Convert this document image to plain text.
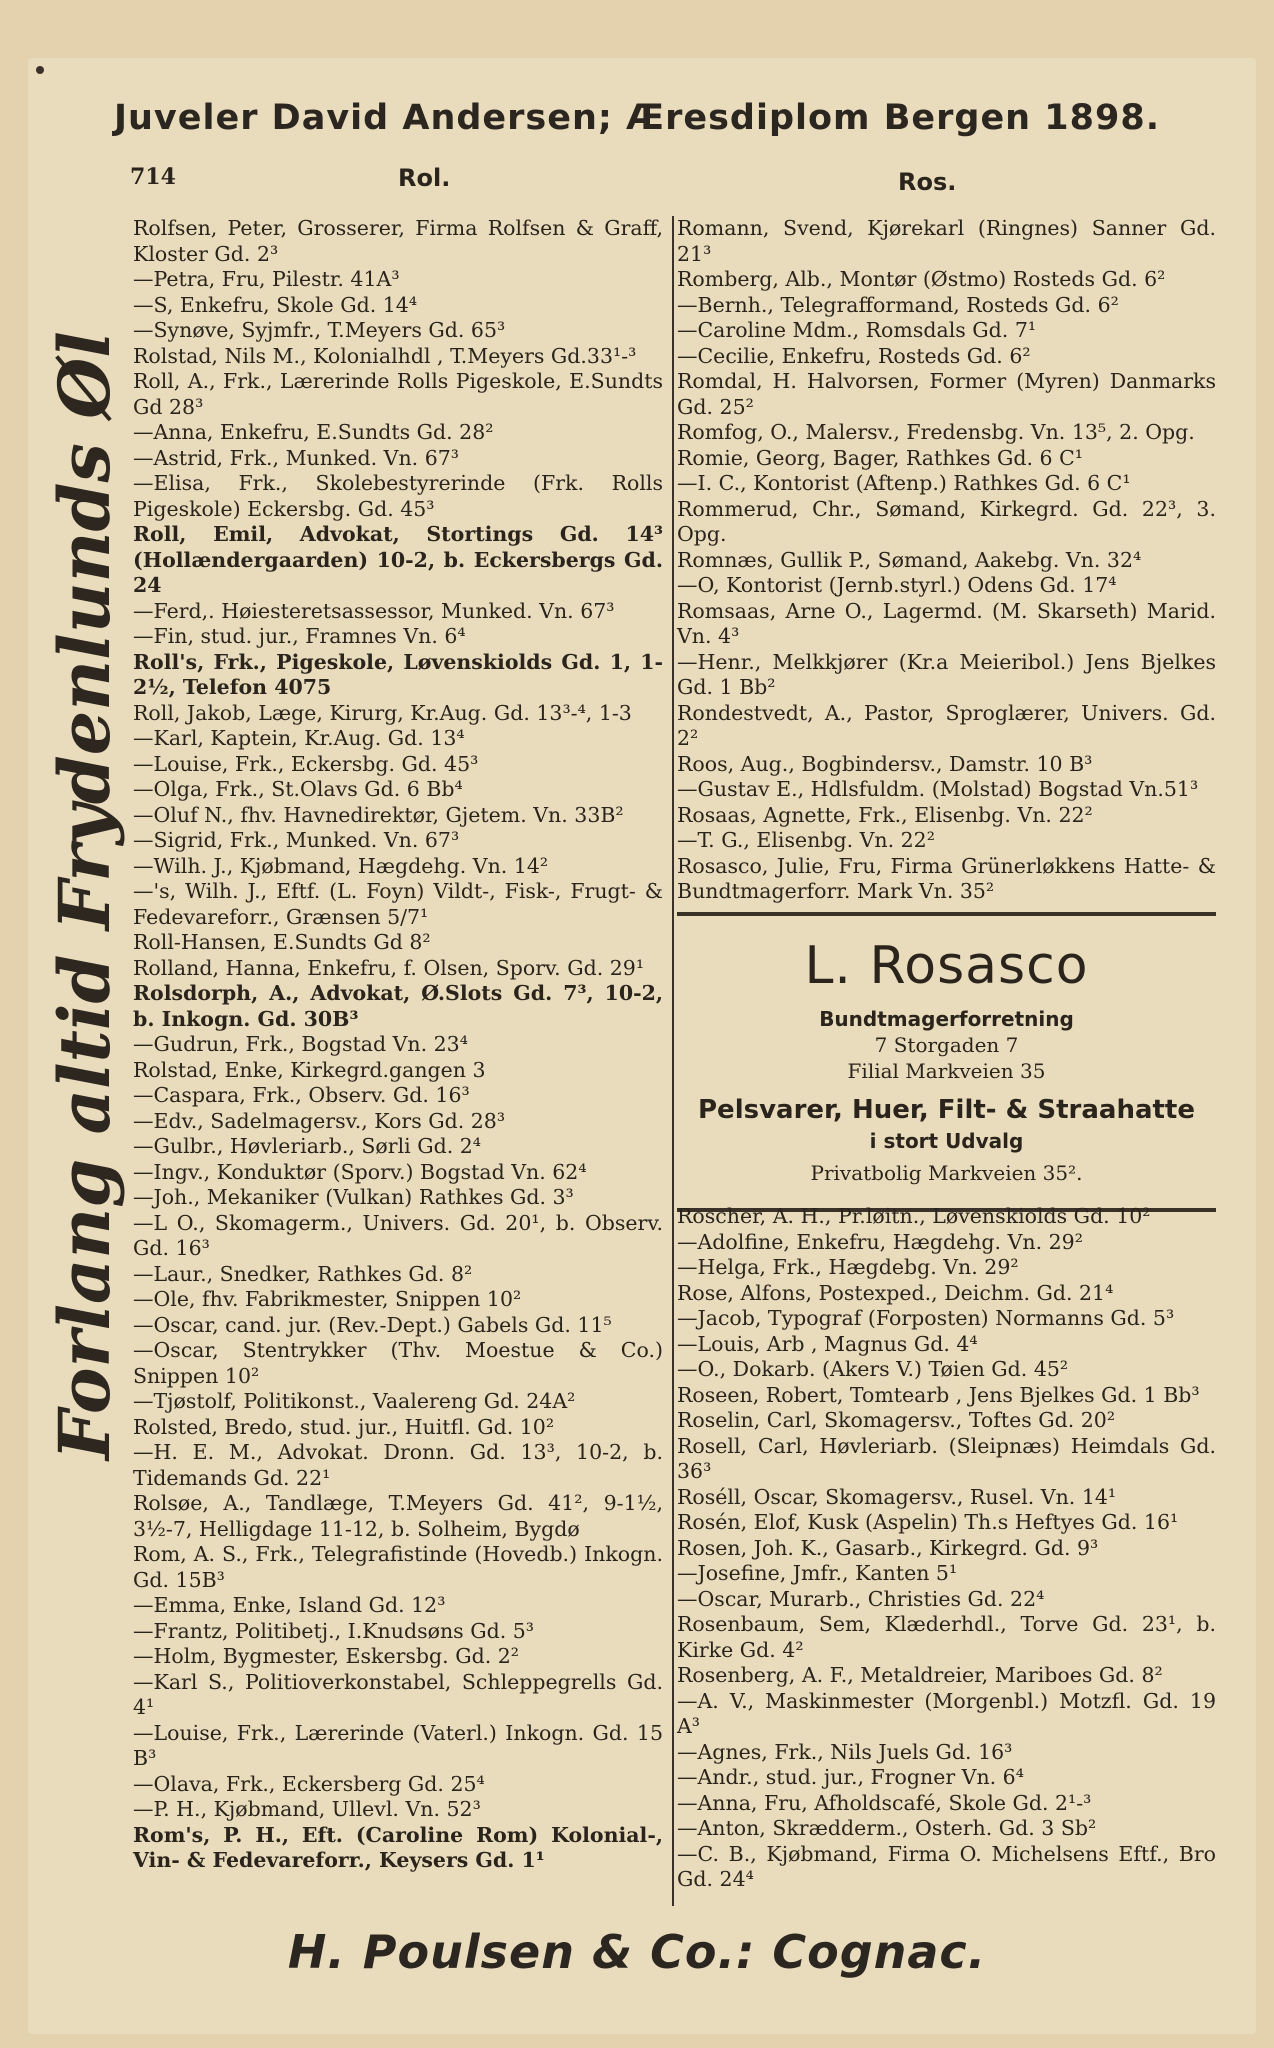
Juveler David Andersen; Æresdiplom Bergen 1898.
714	Rol.	Ros.
Forlang altid Frydenlunds Øl

Rolfsen, Peter, Grosserer, Firma Rolfsen & Graff, Kloster Gd. 2³

—Petra, Fru, Pilestr. 41A³

—S, Enkefru, Skole Gd. 14⁴

—Synøve, Syjmfr., T.Meyers Gd. 65³

Rolstad, Nils M., Kolonialhdl , T.Meyers Gd.33¹-³

Roll, A., Frk., Lærerinde Rolls Pigeskole, E.Sundts Gd 28³

—Anna, Enkefru, E.Sundts Gd. 28²

—Astrid, Frk., Munked. Vn. 67³

—Elisa, Frk., Skolebestyrerinde (Frk. Rolls Pigeskole) Eckersbg. Gd. 45³

Roll, Emil, Advokat, Stortings Gd. 14³ (Hollændergaarden) 10-2, b. Eckersbergs Gd. 24

—Ferd,. Høiesteretsassessor, Munked. Vn. 67³

—Fin, stud. jur., Framnes Vn. 6⁴

Roll's, Frk., Pigeskole, Løvenskiolds Gd. 1, 1-2½, Telefon 4075

Roll, Jakob, Læge, Kirurg, Kr.Aug. Gd. 13³-⁴, 1-3

—Karl, Kaptein, Kr.Aug. Gd. 13⁴

—Louise, Frk., Eckersbg. Gd. 45³

—Olga, Frk., St.Olavs Gd. 6 Bb⁴

—Oluf N., fhv. Havnedirektør, Gjetem. Vn. 33B²

—Sigrid, Frk., Munked. Vn. 67³

—Wilh. J., Kjøbmand, Hægdehg. Vn. 14²

—'s, Wilh. J., Eftf. (L. Foyn) Vildt-, Fisk-, Frugt- & Fedevareforr., Grænsen 5/7¹

Roll-Hansen, E.Sundts Gd 8²

Rolland, Hanna, Enkefru, f. Olsen, Sporv. Gd. 29¹

Rolsdorph, A., Advokat, Ø.Slots Gd. 7³, 10-2, b. Inkogn. Gd. 30B³

—Gudrun, Frk., Bogstad Vn. 23⁴

Rolstad, Enke, Kirkegrd.gangen 3

—Caspara, Frk., Observ. Gd. 16³

—Edv., Sadelmagersv., Kors Gd. 28³

—Gulbr., Høvleriarb., Sørli Gd. 2⁴

—Ingv., Konduktør (Sporv.) Bogstad Vn. 62⁴

—Joh., Mekaniker (Vulkan) Rathkes Gd. 3³

—L O., Skomagerm., Univers. Gd. 20¹, b. Observ. Gd. 16³

—Laur., Snedker, Rathkes Gd. 8²

—Ole, fhv. Fabrikmester, Snippen 10²

—Oscar, cand. jur. (Rev.-Dept.) Gabels Gd. 11⁵

—Oscar, Stentrykker (Thv. Moestue & Co.) Snippen 10²

—Tjøstolf, Politikonst., Vaalereng Gd. 24A²

Rolsted, Bredo, stud. jur., Huitfl. Gd. 10²

—H. E. M., Advokat. Dronn. Gd. 13³, 10-2, b. Tidemands Gd. 22¹

Rolsøe, A., Tandlæge, T.Meyers Gd. 41², 9-1½, 3½-7, Helligdage 11-12, b. Solheim, Bygdø

Rom, A. S., Frk., Telegrafistinde (Hovedb.) Inkogn. Gd. 15B³

—Emma, Enke, Island Gd. 12³

—Frantz, Politibetj., I.Knudsøns Gd. 5³

—Holm, Bygmester, Eskersbg. Gd. 2²

—Karl S., Politioverkonstabel, Schleppegrells Gd. 4¹

—Louise, Frk., Lærerinde (Vaterl.) Inkogn. Gd. 15 B³

—Olava, Frk., Eckersberg Gd. 25⁴

—P. H., Kjøbmand, Ullevl. Vn. 52³

Rom's, P. H., Eft. (Caroline Rom) Kolonial-, Vin- & Fedevareforr., Keysers Gd. 1¹

Romann, Svend, Kjørekarl (Ringnes) Sanner Gd. 21³

Romberg, Alb., Montør (Østmo) Rosteds Gd. 6²

—Bernh., Telegrafformand, Rosteds Gd. 6²

—Caroline Mdm., Romsdals Gd. 7¹

—Cecilie, Enkefru, Rosteds Gd. 6²

Romdal, H. Halvorsen, Former (Myren) Danmarks Gd. 25²

Romfog, O., Malersv., Fredensbg. Vn. 13⁵, 2. Opg.

Romie, Georg, Bager, Rathkes Gd. 6 C¹

—I. C., Kontorist (Aftenp.) Rathkes Gd. 6 C¹

Rommerud, Chr., Sømand, Kirkegrd. Gd. 22³, 3. Opg.

Romnæs, Gullik P., Sømand, Aakebg. Vn. 32⁴

—O, Kontorist (Jernb.styrl.) Odens Gd. 17⁴

Romsaas, Arne O., Lagermd. (M. Skarseth) Marid. Vn. 4³

—Henr., Melkkjører (Kr.a Meieribol.) Jens Bjelkes Gd. 1 Bb²

Rondestvedt, A., Pastor, Sproglærer, Univers. Gd. 2²

Roos, Aug., Bogbindersv., Damstr. 10 B³

—Gustav E., Hdlsfuldm. (Molstad) Bogstad Vn.51³

Rosaas, Agnette, Frk., Elisenbg. Vn. 22²

—T. G., Elisenbg. Vn. 22²

Rosasco, Julie, Fru, Firma Grünerløkkens Hatte- & Bundtmagerforr. Mark Vn. 35²

L. Rosasco
Bundtmagerforretning
7 Storgaden 7
Filial Markveien 35
Pelsvarer, Huer, Filt- & Straahatte
i stort Udvalg
Privatbolig Markveien 35².

Roscher, A. H., Pr.løitn., Løvenskiolds Gd. 10²

—Adolfine, Enkefru, Hægdehg. Vn. 29²

—Helga, Frk., Hægdebg. Vn. 29²

Rose, Alfons, Postexped., Deichm. Gd. 21⁴

—Jacob, Typograf (Forposten) Normanns Gd. 5³

—Louis, Arb , Magnus Gd. 4⁴

—O., Dokarb. (Akers V.) Tøien Gd. 45²

Roseen, Robert, Tomtearb , Jens Bjelkes Gd. 1 Bb³

Roselin, Carl, Skomagersv., Toftes Gd. 20²

Rosell, Carl, Høvleriarb. (Sleipnæs) Heimdals Gd. 36³

Roséll, Oscar, Skomagersv., Rusel. Vn. 14¹

Rosén, Elof, Kusk (Aspelin) Th.s Heftyes Gd. 16¹

Rosen, Joh. K., Gasarb., Kirkegrd. Gd. 9³

—Josefine, Jmfr., Kanten 5¹

—Oscar, Murarb., Christies Gd. 22⁴

Rosenbaum, Sem, Klæderhdl., Torve Gd. 23¹, b. Kirke Gd. 4²

Rosenberg, A. F., Metaldreier, Mariboes Gd. 8²

—A. V., Maskinmester (Morgenbl.) Motzfl. Gd. 19 A³

—Agnes, Frk., Nils Juels Gd. 16³

—Andr., stud. jur., Frogner Vn. 6⁴

—Anna, Fru, Afholdscafé, Skole Gd. 2¹-³

—Anton, Skrædderm., Osterh. Gd. 3 Sb²

—C. B., Kjøbmand, Firma O. Michelsens Eftf., Bro Gd. 24⁴

H. Poulsen & Co.: Cognac.
